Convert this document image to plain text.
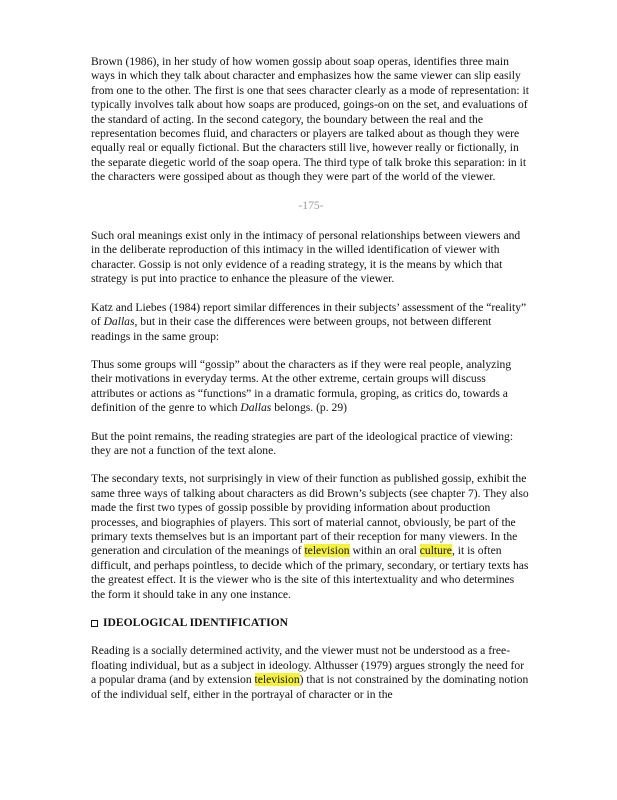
Brown (1986), in her study of how women gossip about soap operas, identifies three main ways in which they talk about character and emphasizes how the same viewer can slip easily from one to the other. The first is one that sees character clearly as a mode of representation: it typically involves talk about how soaps are produced, goings-on on the set, and evaluations of the standard of acting. In the second category, the boundary between the real and the representation becomes fluid, and characters or players are talked about as though they were equally real or equally fictional. But the characters still live, however really or fictionally, in the separate diegetic world of the soap opera. The third type of talk broke this separation: in it the characters were gossiped about as though they were part of the world of the viewer.

-175-

Such oral meanings exist only in the intimacy of personal relationships between viewers and in the deliberate reproduction of this intimacy in the willed identification of viewer with character. Gossip is not only evidence of a reading strategy, it is the means by which that strategy is put into practice to enhance the pleasure of the viewer.

Katz and Liebes (1984) report similar differences in their subjects’ assessment of the “reality” of Dallas, but in their case the differences were between groups, not between different readings in the same group:

Thus some groups will “gossip” about the characters as if they were real people, analyzing their motivations in everyday terms. At the other extreme, certain groups will discuss attributes or actions as “functions” in a dramatic formula, groping, as critics do, towards a definition of the genre to which Dallas belongs. (p. 29)

But the point remains, the reading strategies are part of the ideological practice of viewing: they are not a function of the text alone.

The secondary texts, not surprisingly in view of their function as published gossip, exhibit the same three ways of talking about characters as did Brown’s subjects (see chapter 7). They also made the first two types of gossip possible by providing information about production processes, and biographies of players. This sort of material cannot, obviously, be part of the primary texts themselves but is an important part of their reception for many viewers. In the generation and circulation of the meanings of television within an oral culture, it is often difficult, and perhaps pointless, to decide which of the primary, secondary, or tertiary texts has the greatest effect. It is the viewer who is the site of this intertextuality and who determines the form it should take in any one instance.

IDEOLOGICAL IDENTIFICATION

Reading is a socially determined activity, and the viewer must not be understood as a free-floating individual, but as a subject in ideology. Althusser (1979) argues strongly the need for a popular drama (and by extension television) that is not constrained by the dominating notion of the individual self, either in the portrayal of character or in the
